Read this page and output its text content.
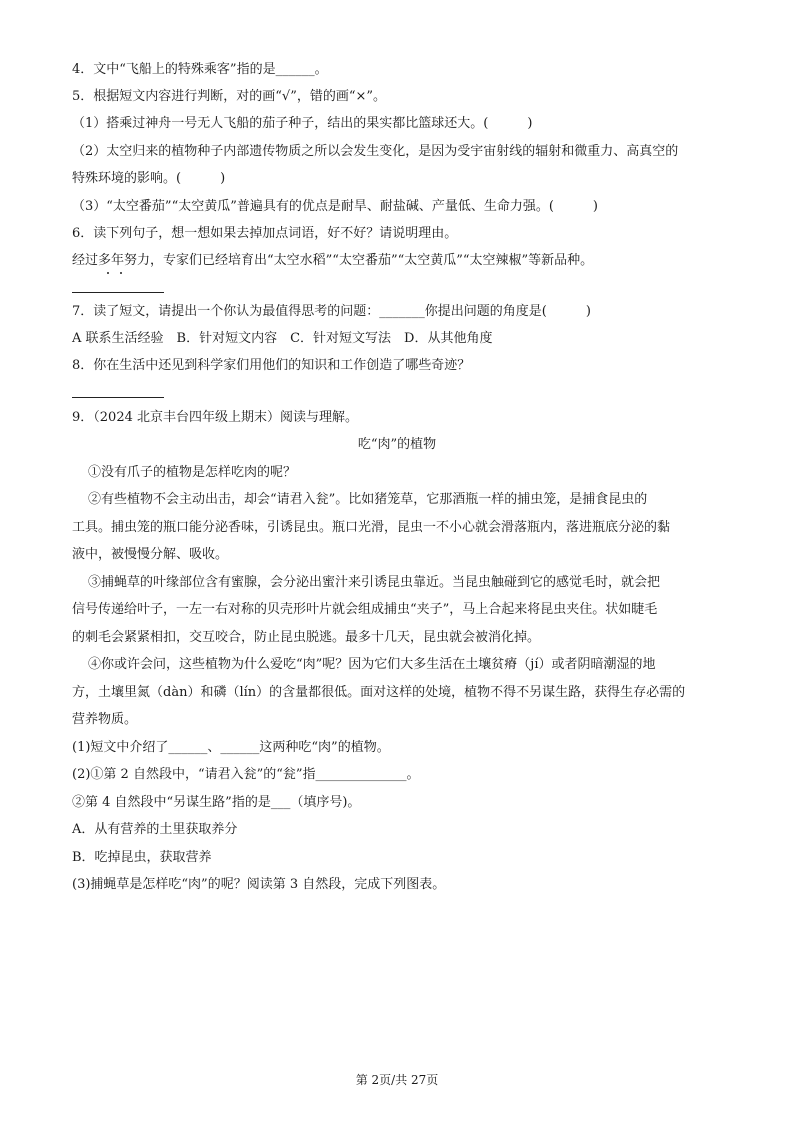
4．文中“飞船上的特殊乘客”指的是______。
5．根据短文内容进行判断，对的画“√”，错的画“×”。
（1）搭乘过神舟一号无人飞船的茄子种子，结出的果实都比篮球还大。(　　　)
（2）太空归来的植物种子内部遗传物质之所以会发生变化，是因为受宇宙射线的辐射和微重力、高真空的
特殊环境的影响。(　　　)
（3）“太空番茄”“太空黄瓜”普遍具有的优点是耐旱、耐盐碱、产量低、生命力强。(　　　)
6．读下列句子，想一想如果去掉加点词语，好不好？请说明理由。
经过多年努力，专家们已经培育出“太空水稻”“太空番茄”“太空黄瓜”“太空辣椒”等新品种。
7．读了短文，请提出一个你认为最值得思考的问题：_______你提出问题的角度是(　　　)
A 联系生活经验　B．针对短文内容　C．针对短文写法　D．从其他角度
8．你在生活中还见到科学家们用他们的知识和工作创造了哪些奇迹？
9．（2024 北京丰台四年级上期末）阅读与理解。
吃“肉”的植物
①没有爪子的植物是怎样吃肉的呢？
②有些植物不会主动出击，却会“请君入瓮”。比如猪笼草，它那酒瓶一样的捕虫笼，是捕食昆虫的
工具。捕虫笼的瓶口能分泌香味，引诱昆虫。瓶口光滑，昆虫一不小心就会滑落瓶内，落进瓶底分泌的黏
液中，被慢慢分解、吸收。
③捕蝇草的叶缘部位含有蜜腺，会分泌出蜜汁来引诱昆虫靠近。当昆虫触碰到它的感觉毛时，就会把
信号传递给叶子，一左一右对称的贝壳形叶片就会组成捕虫“夹子”，马上合起来将昆虫夹住。状如睫毛
的刺毛会紧紧相扣，交互咬合，防止昆虫脱逃。最多十几天，昆虫就会被消化掉。
④你或许会问，这些植物为什么爱吃“肉”呢？因为它们大多生活在土壤贫瘠（jí）或者阴暗潮湿的地
方，土壤里氮（dàn）和磷（lín）的含量都很低。面对这样的处境，植物不得不另谋生路，获得生存必需的
营养物质。
(1)短文中介绍了______、______这两种吃“肉”的植物。
(2)①第 2 自然段中，“请君入瓮”的“瓮”指______________。
②第 4 自然段中“另谋生路”指的是___（填序号)。
A．从有营养的土里获取养分
B．吃掉昆虫，获取营养
(3)捕蝇草是怎样吃“肉”的呢？阅读第 3 自然段，完成下列图表。
第 2页/共 27页
